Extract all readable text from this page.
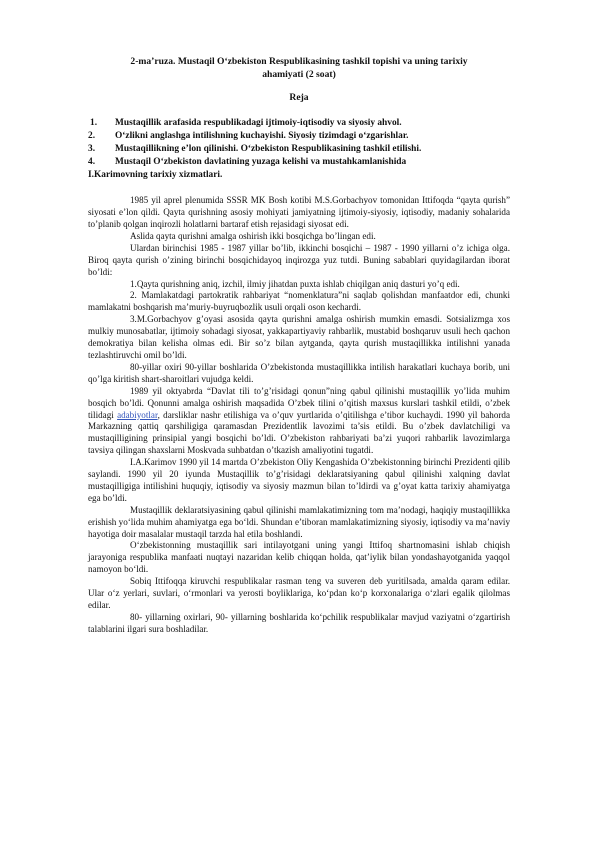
2-ma’ruza. Mustaqil O‘zbekiston Respublikasining tashkil topishi va uning tarixiy
ahamiyati (2 soat)
Reja
1.	Mustaqillik arafasida respublikadagi ijtimoiy-iqtisodiy va siyosiy ahvol.
2.	O‘zlikni anglashga intilishning kuchayishi. Siyosiy tizimdagi o‘zgarishlar.
3.	Mustaqillikning e’lon qilinishi. O‘zbekiston Respublikasining tashkil etilishi.
4.	Mustaqil O‘zbekiston davlatining yuzaga kelishi va mustahkamlanishida
I.Karimovning tarixiy xizmatlari.

1985 yil aprel plenumida SSSR MK Bosh kotibi M.S.Gorbachyov tomonidan Ittifoqda “qayta qurish” siyosati e’lon qildi. Qayta qurishning asosiy mohiyati jamiyatning ijtimoiy-siyosiy, iqtisodiy, madaniy sohalarida to’planib qolgan inqirozli holatlarni bartaraf etish rejasidagi siyosat edi.

Aslida qayta qurishni amalga oshirish ikki bosqichga bo’lingan edi.

Ulardan birinchisi 1985 - 1987 yillar bo’lib, ikkinchi bosqichi – 1987 - 1990 yillarni o’z ichiga olga. Biroq qayta qurish o’zining birinchi bosqichidayoq inqirozga yuz tutdi. Buning sabablari quyidagilardan iborat bo’ldi:

1.Qayta qurishning aniq, izchil, ilmiy jihatdan puxta ishlab chiqilgan aniq dasturi yo’q edi.

2. Mamlakatdagi partokratik rahbariyat “nomenklatura”ni saqlab qolishdan manfaatdor edi, chunki mamlakatni boshqarish ma’muriy-buyruqbozlik usuli orqali oson kechardi.

3.M.Gorbachyov g’oyasi asosida qayta qurishni amalga oshirish mumkin emasdi. Sotsializmga xos mulkiy munosabatlar, ijtimoiy sohadagi siyosat, yakkapartiyaviy rahbarlik, mustabid boshqaruv usuli hech qachon demokratiya bilan kelisha olmas edi. Bir so’z bilan aytganda, qayta qurish mustaqillikka intilishni yanada tezlashtiruvchi omil bo’ldi.

80-yillar oxiri 90-yillar boshlarida O’zbekistonda mustaqillikka intilish harakatlari kuchaya borib, uni qo’lga kiritish shart-sharoitlari vujudga keldi.

1989 yil oktyabrda “Davlat tili to’g’risidagi qonun”ning qabul qilinishi mustaqillik yo’lida muhim bosqich bo’ldi. Qonunni amalga oshirish maqsadida O’zbek tilini o’qitish maxsus kurslari tashkil etildi, o’zbek tilidagi adabiyotlar, darsliklar nashr etilishiga va o’quv yurtlarida o’qitilishga e’tibor kuchaydi. 1990 yil bahorda Markazning qattiq qarshiligiga qaramasdan Prezidentlik lavozimi ta’sis etildi. Bu o’zbek davlatchiligi va mustaqilligining prinsipial yangi bosqichi bo’ldi. O’zbekiston rahbariyati ba’zi yuqori rahbarlik lavozimlarga tavsiya qilingan shaxslarni Moskvada suhbatdan o’tkazish amaliyotini tugatdi.

I.A.Karimov 1990 yil 14 martda O’zbekiston Oliy Kengashida O’zbekistonning birinchi Prezidenti qilib saylandi. 1990 yil 20 iyunda Mustaqillik to’g’risidagi deklaratsiyaning qabul qilinishi xalqning davlat mustaqilligiga intilishini huquqiy, iqtisodiy va siyosiy mazmun bilan to’ldirdi va g’oyat katta tarixiy ahamiyatga ega bo’ldi.

Mustaqillik deklaratsiyasining qabul qilinishi mamlakatimizning tom ma’nodagi, haqiqiy mustaqillikka erishish yo‘lida muhim ahamiyatga ega bo‘ldi. Shundan e’tiboran mamlakatimizning siyosiy, iqtisodiy va ma’naviy hayotiga doir masalalar mustaqil tarzda hal etila boshlandi.

O‘zbekistonning mustaqillik sari intilayotgani uning yangi Ittifoq shartnomasini ishlab chiqish jarayoniga respublika manfaati nuqtayi nazaridan kelib chiqqan holda, qat’iylik bilan yondashayotganida yaqqol namoyon bo‘ldi.

Sobiq Ittifoqqa kiruvchi respublikalar rasman teng va suveren deb yuritilsada, amalda qaram edilar. Ular o‘z yerlari, suvlari, o‘rmonlari va yerosti boyliklariga, ko‘pdan ko‘p korxonalariga o‘zlari egalik qilolmas edilar.

80- yillarning oxirlari, 90- yillarning boshlarida ko‘pchilik respublikalar mavjud vaziyatni o‘zgartirish talablarini ilgari sura boshladilar.
